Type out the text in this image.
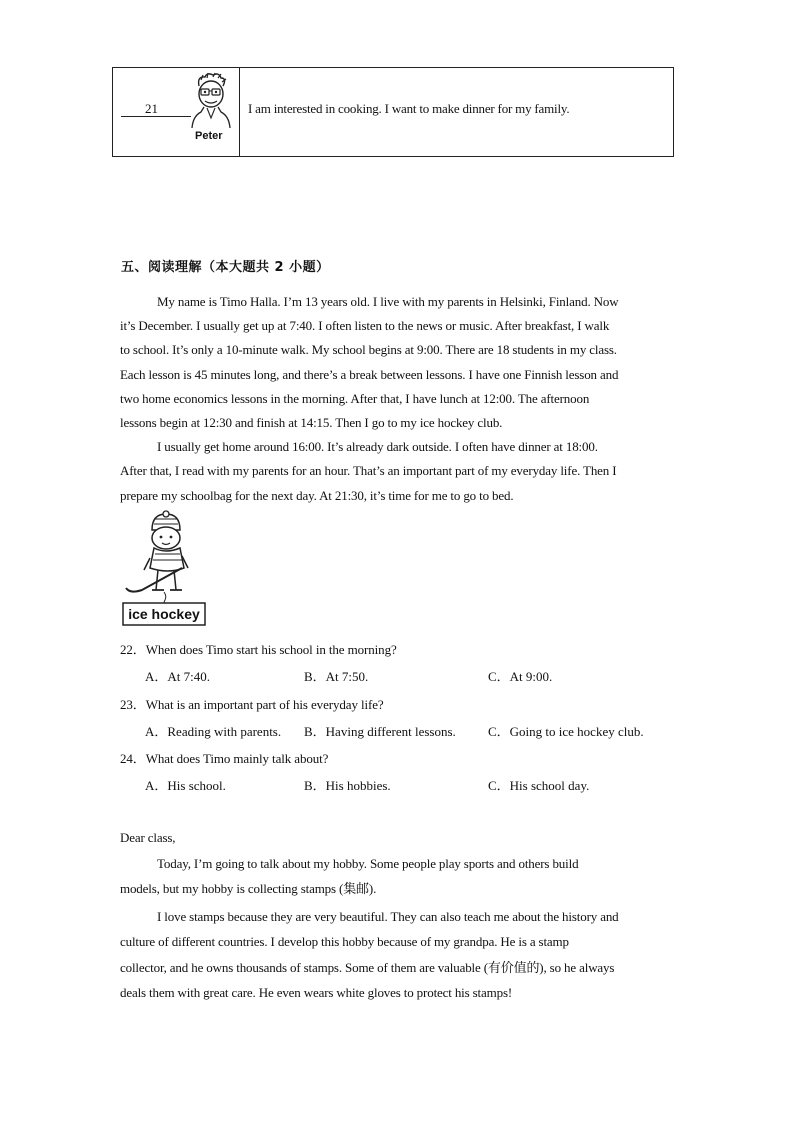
21
Peter
I am interested in cooking. I want to make dinner for my family.
五、阅读理解（本大题共 2 小题）
My name is Timo Halla. I’m 13 years old. I live with my parents in Helsinki, Finland. Now
it’s December. I usually get up at 7:40. I often listen to the news or music. After breakfast, I walk
to school. It’s only a 10-minute walk. My school begins at 9:00. There are 18 students in my class.
Each lesson is 45 minutes long, and there’s a break between lessons. I have one Finnish lesson and
two home economics lessons in the morning. After that, I have lunch at 12:00. The afternoon
lessons begin at 12:30 and finish at 14:15. Then I go to my ice hockey club.
I usually get home around 16:00. It’s already dark outside. I often have dinner at 18:00.
After that, I read with my parents for an hour. That’s an important part of my everyday life. Then I
prepare my schoolbag for the next day. At 21:30, it’s time for me to go to bed.
ice hockey
22．When does Timo start his school in the morning?
A．At 7:40.	B．At 7:50.	C．At 9:00.
23．What is an important part of his everyday life?
A．Reading with parents. B．Having different lessons. C．Going to ice hockey club.
24．What does Timo mainly talk about?
A．His school.	B．His hobbies.	C．His school day.
Dear class,
Today, I’m going to talk about my hobby. Some people play sports and others build
models, but my hobby is collecting stamps (集邮).
I love stamps because they are very beautiful. They can also teach me about the history and
culture of different countries. I develop this hobby because of my grandpa. He is a stamp
collector, and he owns thousands of stamps. Some of them are valuable (有价值的), so he always
deals them with great care. He even wears white gloves to protect his stamps!
